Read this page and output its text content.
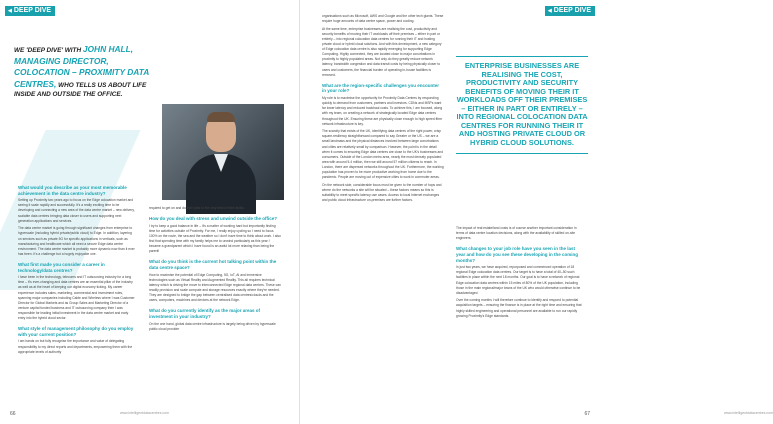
◀ DEEP DIVE
WE 'DEEP DIVE' WITH JOHN HALL, MANAGING DIRECTOR, COLOCATION – PROXIMITY DATA CENTRES, WHO TELLS US ABOUT LIFE INSIDE AND OUTSIDE THE OFFICE.
What would you describe as your most memorable achievement in the data centre industry?

Setting up Proximity two years ago to focus on the Edge colocation market and seeing it scale rapidly and successfully. It's a really exciting time to be developing and connecting a new area of the data centre market – new delivery, scalable data centres bringing data closer to users and supporting next generation applications and services.

The data centre market is going through significant changes from enterprise to hyperscale (including hybrid private/public cloud) to Edge. In addition, layering on services such as private 5G for specific applications in verticals, such as manufacturing and healthcare which all need a secure Edge data centre environment. The data centre market is probably more dynamic now than it ever has been. It's a challenge but a hugely enjoyable one.

What first made you consider a career in technology/data centres?

I have been in the technology, telecoms and IT outsourcing industry for a long time – it's ever-changing and data centres are an essential pillar of the industry as well as at the heart of keeping our digital economy ticking. My career experience includes sales, marketing, commercial and investment roles, spanning major companies including Cable and Wireless where I was Customer Director for Global Markets and as Group Sales and Marketing Director of a venture capital funded business and IT outsourcing company then I was responsible for leading initial investment in the data centre market and early entry into the hybrid cloud sector.

What style of management philosophy do you employ with your current position?

I am hands on but fully recognise the importance and value of delegating responsibility to my direct reports and departments, empowering them with the appropriate levels of authority

required to get on and do their jobs to the very best of their ability.

How do you deal with stress and unwind outside the office?

I try to keep a good balance in life – it's a matter of working hard but importantly finding time for activities outside of Proximity. For me, I really enjoy cycling so I need to focus 100% on the route, the sea and the weather so I don't have time to think about work. I also find that spending time with my family helps me to unwind particularly as this year I became a grandparent which I have found is an awful lot more relaxing than being the parent!

What do you think is the current hot talking point within the data centre space?

How to maximise the potential of Edge Computing, 5G, IoT, AI and immersive technologies such as Virtual Reality and Augmented Reality. This all requires technical latency which is driving the move to interconnected Edge regional data centres. These can readily provision and scale compute and storage resources exactly where they're needed. They are designed to bridge the gap between centralised data centres/clouds and the users, computers, machines and devices at the network Edge.

What do you currently identify as the major areas of investment in your industry?

On the one hand, global data centre infrastructure is largely being driven by hyperscale public cloud provider

66	www.intelligentdatacentres.com
◀ DEEP DIVE
67	www.intelligentdatacentres.com

organisations such as Microsoft, AWS and Google and the other tech giants. These require huge amounts of data centre space, power and cooling.

At the same time, enterprise businesses are realising the cost, productivity and security benefits of moving their IT workloads off their premises – either in part or entirely – into regional colocation data centres for running their IT and hosting private cloud or hybrid cloud solutions. And with this development, a new category of Edge colocation data centre is also rapidly emerging for supporting Edge Computing. Highly connected, they are located close to major conurbations in proximity to highly populated areas. Not only do they greatly reduce network latency, bandwidth congestion and data transit costs by being physically closer to users and customers, the financial burden of operating in-house facilities is removed.

What are the region-specific challenges you encounter in your role?

My role is to maximise the opportunity for Proximity Data Centres by responding quickly to demand from customers, partners and investors. CDNs and MSPs want far lower latency and reduced backhaul costs. To achieve this, I am focused, along with my team, on creating a network of strategically located Edge data centres throughout the UK. Ensuring these are physically close enough to high speed fibre network infrastructure is key.

The scarcity that exists of the UK, identifying data centres of the right power, crisp square-resiliency straightforward compared to say Greater or the US – we are a small landmass and the physical distances involved between large conurbations and cities are relatively small by comparison. However, the point is in the detail when it comes to ensuring Edge data centres are close to the UK's businesses and consumers. Outside of the London metro area, nearly the most densely populated area with around 5.4 million, then we still around 57 million citizens to reach. In London, there are dispersed networks throughout the UK. Furthermore, the working population has proven to be more productive working from home due to the pandemic. People are moving out of expensive cities to work in commuter areas.

On the network side, considerable focus must be given to the number of hops and where do the networks a site will be situated – these factors means so this is suitability to meet specific latency use cases. Access to local Internet exchanges and public cloud infrastructure on-premises are further factors.

ENTERPRISE BUSINESSES ARE REALISING THE COST, PRODUCTIVITY AND SECURITY BENEFITS OF MOVING THEIR IT WORKLOADS OFF THEIR PREMISES – EITHER IN PART OR ENTIRELY – INTO REGIONAL COLOCATION DATA CENTRES FOR RUNNING THEIR IT AND HOSTING PRIVATE CLOUD OR HYBRID CLOUD SOLUTIONS.

The impact of real estate/land costs is of course another important consideration in terms of data centre location decisions, along with the availability of skilled on-site engineers.

What changes to your job role have you seen in the last year and how do you see these developing in the coming months?

In just two years, we have acquired, repurposed and commenced operation of 18 regional Edge colocation data centres. Our target is to have a total of 40–50 such facilities in place within the next 18 months. Our goal is to have a network of regional Edge colocation data centres within 15 miles of 80% of the UK population, including those in the main regional/major towns of the UK who would otherwise continue to be disadvantaged.

Over the coming months I will therefore continue to identify and respond to potential acquisition targets – ensuring the finance is in place at the right time and ensuring that highly skilled engineering and operational personnel are available to run our rapidly growing Proximity's Edge standards.
